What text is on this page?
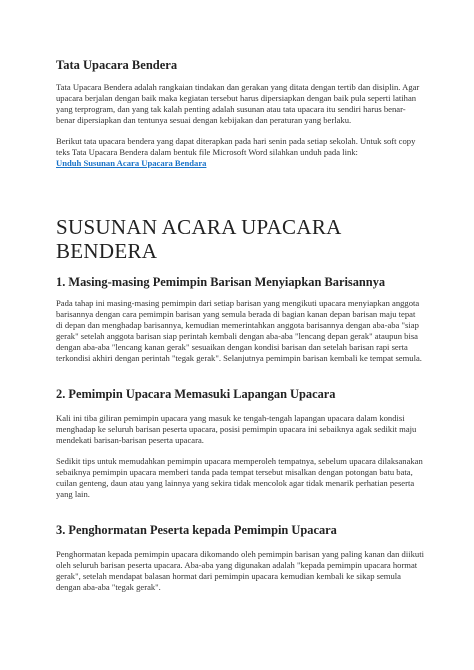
Tata Upacara Bendera

Tata Upacara Bendera adalah rangkaian tindakan dan gerakan yang ditata dengan tertib dan disiplin. Agar upacara berjalan dengan baik maka kegiatan tersebut harus dipersiapkan dengan baik pula seperti latihan yang terprogram, dan yang tak kalah penting adalah susunan atau tata upacara itu sendiri harus benar-benar dipersiapkan dan tentunya sesuai dengan kebijakan dan peraturan yang berlaku.

Berikut tata upacara bendera yang dapat diterapkan pada hari senin pada setiap sekolah. Untuk soft copy teks Tata Upacara Bendera dalam bentuk file Microsoft Word silahkan unduh pada link:

Unduh Susunan Acara Upacara Bendara
SUSUNAN ACARA UPACARA BENDERA
1. Masing-masing Pemimpin Barisan Menyiapkan Barisannya

Pada tahap ini masing-masing pemimpin dari setiap barisan yang mengikuti upacara menyiapkan anggota barisannya dengan cara pemimpin barisan yang semula berada di bagian kanan depan barisan maju tepat di depan dan menghadap barisannya, kemudian memerintahkan anggota barisannya dengan aba-aba "siap gerak" setelah anggota barisan siap perintah kembali dengan aba-aba "lencang depan gerak" ataupun bisa dengan aba-aba "lencang kanan gerak" sesuaikan dengan kondisi barisan dan setelah barisan rapi serta terkondisi akhiri dengan perintah "tegak gerak". Selanjutnya pemimpin barisan kembali ke tempat semula.

2. Pemimpin Upacara Memasuki Lapangan Upacara

Kali ini tiba giliran pemimpin upacara yang masuk ke tengah-tengah lapangan upacara dalam kondisi menghadap ke seluruh barisan peserta upacara, posisi pemimpin upacara ini sebaiknya agak sedikit maju mendekati barisan-barisan peserta upacara.

Sedikit tips untuk memudahkan pemimpin upacara memperoleh tempatnya, sebelum upacara dilaksanakan sebaiknya pemimpin upacara memberi tanda pada tempat tersebut misalkan dengan potongan batu bata, cuilan genteng, daun atau yang lainnya yang sekira tidak mencolok agar tidak menarik perhatian peserta yang lain.

3. Penghormatan Peserta kepada Pemimpin Upacara

Penghormatan kepada pemimpin upacara dikomando oleh pemimpin barisan yang paling kanan dan diikuti oleh seluruh barisan peserta upacara. Aba-aba yang digunakan adalah "kepada pemimpin upacara hormat gerak", setelah mendapat balasan hormat dari pemimpin upacara kemudian kembali ke sikap semula dengan aba-aba "tegak gerak".
